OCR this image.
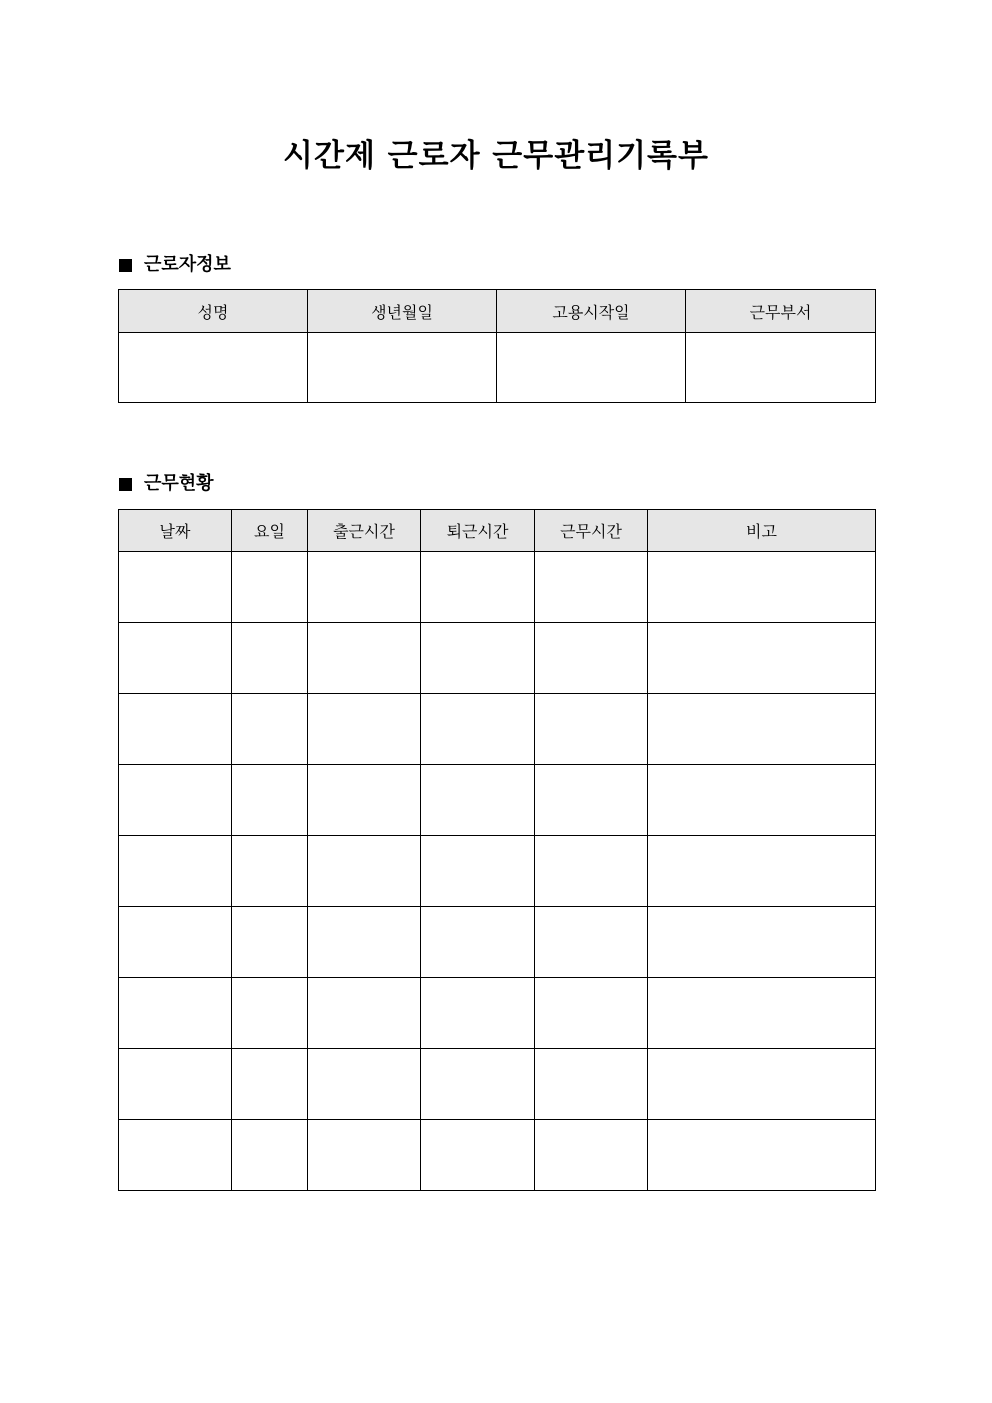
시간제 근로자 근무관리기록부
근로자정보
성명	생년월일	고용시작일	근무부서

근무현황
날짜	요일	출근시간	퇴근시간	근무시간	비고
